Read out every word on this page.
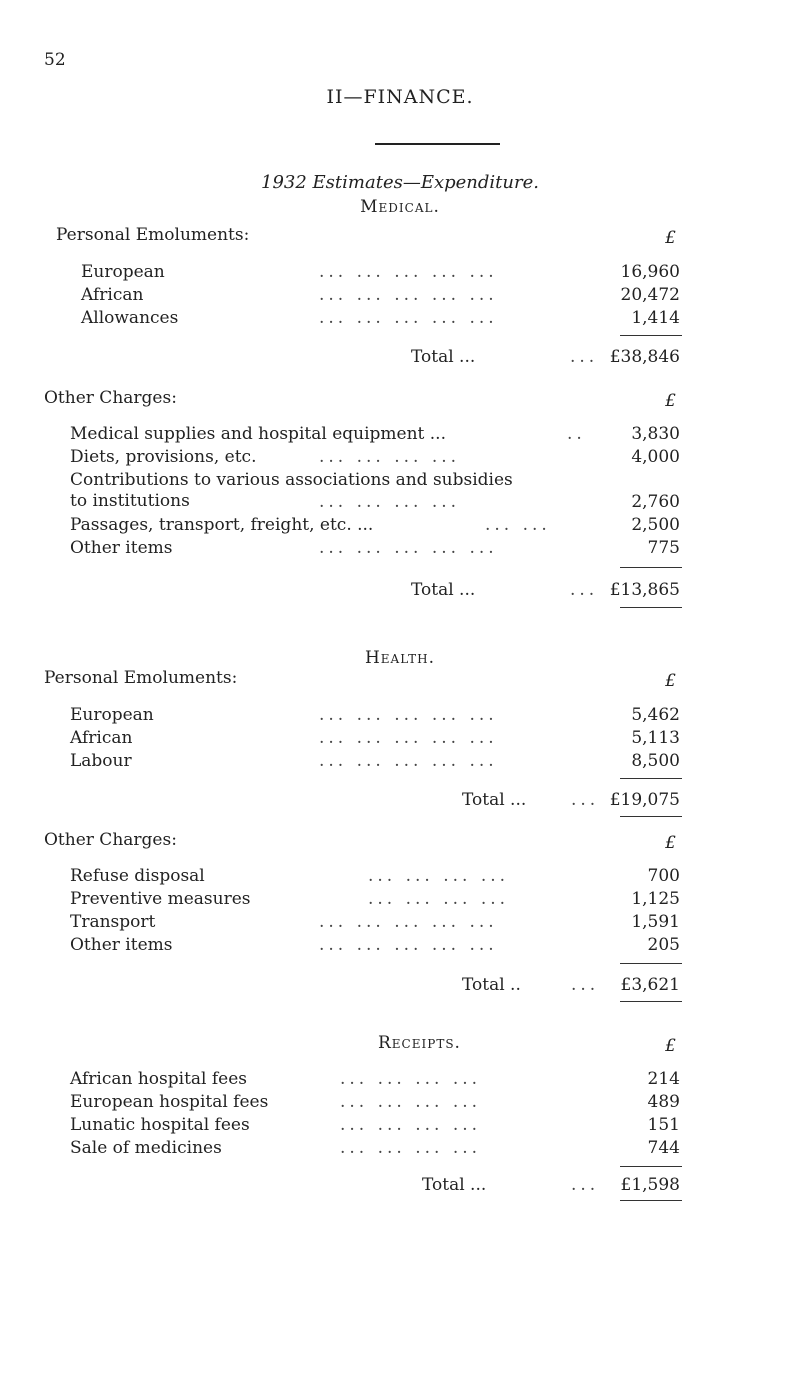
52
II—FINANCE.
1932 Estimates—Expenditure.
Medical.
Personal Emoluments:	£
European	... ... ... ... ...	16,960
African	... ... ... ... ...	20,472
Allowances	... ... ... ... ...	1,414
Total ...	... £38,846
Other Charges:	£
Medical supplies and hospital equipment ...	..	3,830
Diets, provisions, etc.	... ... ... ...	4,000
Contributions to various associations and subsidies
to institutions	... ... ... ...	2,760
Passages, transport, freight, etc. ...	... ...	2,500
Other items	... ... ... ... ...	775
Total ...	... £13,865
Health.
Personal Emoluments:	£
European	... ... ... ... ...	5,462
African	... ... ... ... ...	5,113
Labour	... ... ... ... ...	8,500
Total ...	... £19,075
Other Charges:	£
Refuse disposal	... ... ... ...	700
Preventive measures	... ... ... ...	1,125
Transport	... ... ... ... ...	1,591
Other items	... ... ... ... ...	205
Total ..	... £3,621
Receipts.	£
African hospital fees	... ... ... ...	214
European hospital fees	... ... ... ...	489
Lunatic hospital fees	... ... ... ...	151
Sale of medicines	... ... ... ...	744
Total ...	... £1,598
